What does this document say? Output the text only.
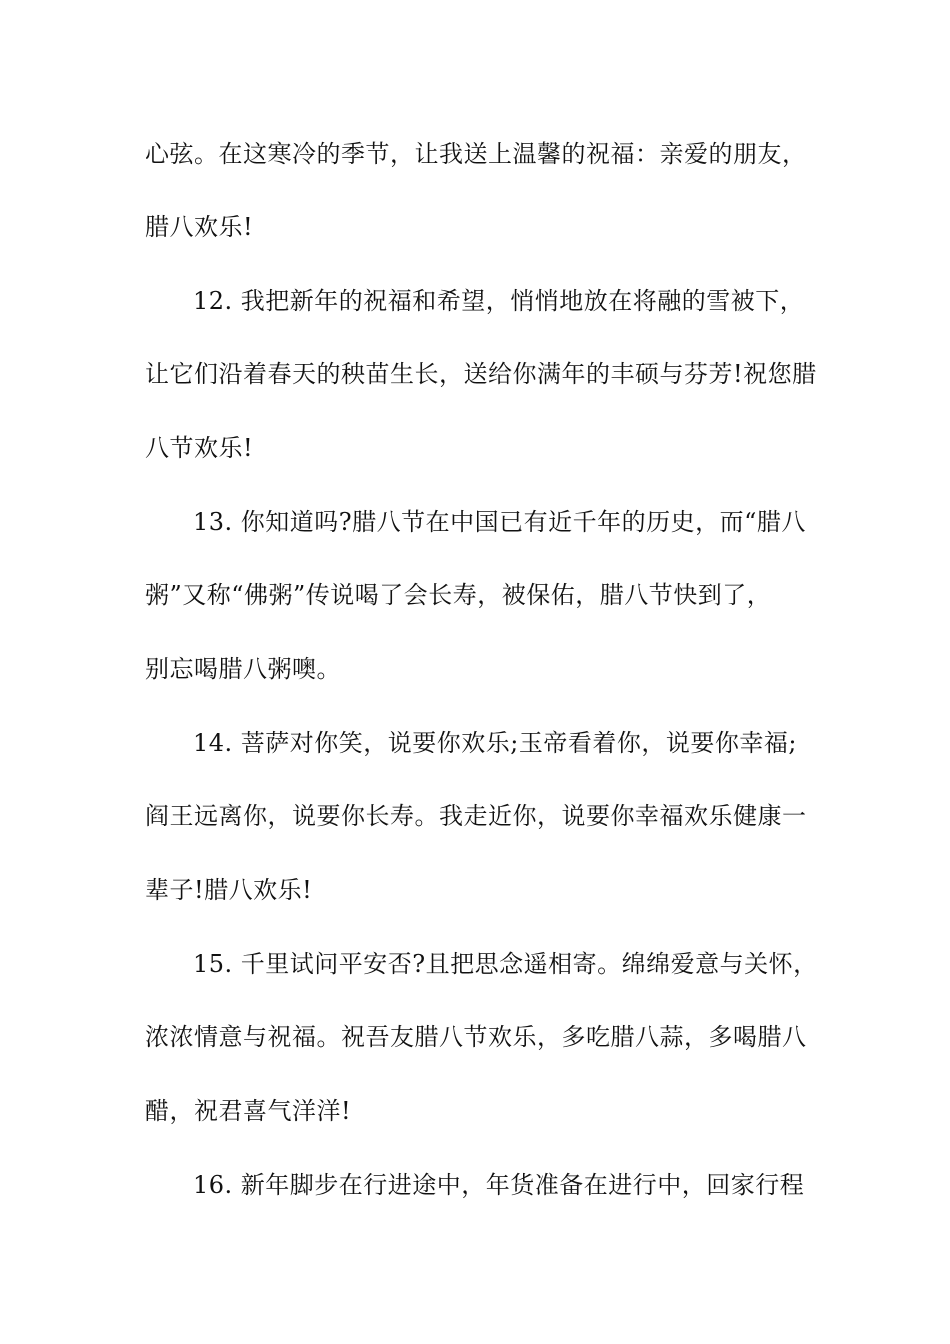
心弦。在这寒冷的季节，让我送上温馨的祝福：亲爱的朋友，
腊八欢乐!
12. 我把新年的祝福和希望，悄悄地放在将融的雪被下，
让它们沿着春天的秧苗生长，送给你满年的丰硕与芬芳!祝您腊
八节欢乐!
13. 你知道吗?腊八节在中国已有近千年的历史，而“腊八
粥”又称“佛粥”传说喝了会长寿，被保佑，腊八节快到了，
别忘喝腊八粥噢。
14. 菩萨对你笑，说要你欢乐;玉帝看着你，说要你幸福;
阎王远离你，说要你长寿。我走近你，说要你幸福欢乐健康一
辈子!腊八欢乐!
15. 千里试问平安否?且把思念遥相寄。绵绵爱意与关怀，
浓浓情意与祝福。祝吾友腊八节欢乐，多吃腊八蒜，多喝腊八
醋，祝君喜气洋洋!
16. 新年脚步在行进途中，年货准备在进行中，回家行程
